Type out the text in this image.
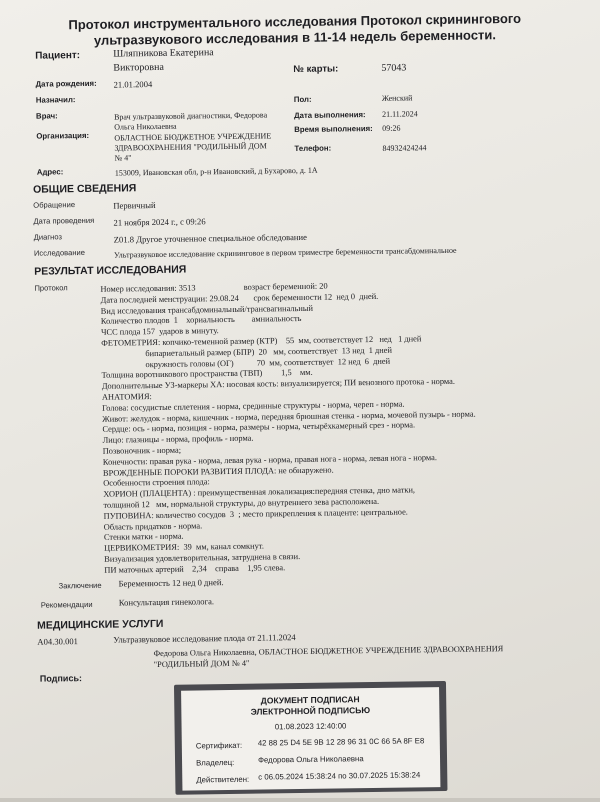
Протокол инструментального исследования Протокол скринингового
ультразвукового исследования в 11-14 недель беременности.
Пациент:	Шляпникова Екатерина
Викторовна	№ карты:	57043
Дата рождения: 21.01.2004
Назначил:	Пол:	Женский
Врач:	Врач ультразвуковой диагностики, Федорова
Ольга Николаевна
Дата выполнения: 21.11.2024
Время выполнения: 09:26
Организация:	ОБЛАСТНОЕ БЮДЖЕТНОЕ УЧРЕЖДЕНИЕ
ЗДРАВООХРАНЕНИЯ "РОДИЛЬНЫЙ ДОМ
№ 4"
Телефон:	84932424244
Адрес:	153009, Ивановская обл, р-н Ивановский, д Бухарово, д. 1А
ОБЩИЕ СВЕДЕНИЯ
Обращение	Первичный
Дата проведения 21 ноября 2024 г., с 09:26
Диагноз	Z01.8 Другое уточненное специальное обследование
Исследование	Ультразвуковое исследование скрининговое в первом триместре беременности трансабдоминальное
РЕЗУЛЬТАТ ИССЛЕДОВАНИЯ
Протокол	Номер исследования: 3513                       возраст беременной: 20
Дата последней менструации: 29.08.24       срок беременности 12  нед 0  дней.
Вид исследования трансабдоминальный/трансвагинальный
Количество плодов  1    хориальность        амниальность
ЧСС плода 157  ударов в минуту.
ФЕТОМЕТРИЯ: копчико-теменной размер (КТР)    55  мм, соответствует 12   нед   1 дней
бипариетальный размер (БПР)  20   мм, соответствует  13 нед  1 дней
окружность головы (ОГ)           70  мм, соответствует  12 нед  6  дней
Толщина воротникового пространства (ТВП)         1,5    мм.
Дополнительные УЗ-маркеры ХА: носовая кость: визуализируется; ПИ венозного протока - норма.
АНАТОМИЯ:
Голова: сосудистые сплетения - норма, срединные структуры - норма, череп - норма.
Живот: желудок - норма, кишечник - норма, передняя брюшная стенка - норма, мочевой пузырь - норма.
Сердце: ось - норма, позиция - норма, размеры - норма, четырёхкамерный срез - норма.
Лицо: глазницы - норма, профиль - норма.
Позвоночник - норма;
Конечности: правая рука - норма, левая рука - норма, правая нога - норма, левая нога - норма.
ВРОЖДЕННЫЕ ПОРОКИ РАЗВИТИЯ ПЛОДА: не обнаружено.
Особенности строения плода:
ХОРИОН (ПЛАЦЕНТА) : преимущественная локализация:передняя стенка, дно матки,
толщиной 12   мм, нормальной структуры, до внутреннего зева расположена.
ПУПОВИНА: количество сосудов  3  ; место прикрепления к плаценте: центральное.
Область придатков - норма.
Стенки матки - норма.
ЦЕРВИКОМЕТРИЯ:  39  мм, канал сомкнут.
Визуализация удовлетворительная, затруднена в связи.
ПИ маточных артерий    2,34    справа    1,95 слева.
Заключение Беременность 12 нед 0 дней.
Рекомендации	Консультация гинеколога.
МЕДИЦИНСКИЕ УСЛУГИ
A04.30.001	Ультразвуковое исследование плода от 21.11.2024
Подпись:
Федорова Ольга Николаевна, ОБЛАСТНОЕ БЮДЖЕТНОЕ УЧРЕЖДЕНИЕ ЗДРАВООХРАНЕНИЯ
"РОДИЛЬНЫЙ ДОМ № 4"
ДОКУМЕНТ ПОДПИСАН
ЭЛЕКТРОННОЙ ПОДПИСЬЮ
01.08.2023 12:40:00
Сертификат: 42 88 25 D4 5E 9B 12 28 96 31 0C 66 5A 8F E8
Владелец:	Федорова Ольга Николаевна
Действителен: с 06.05.2024 15:38:24 по 30.07.2025 15:38:24
